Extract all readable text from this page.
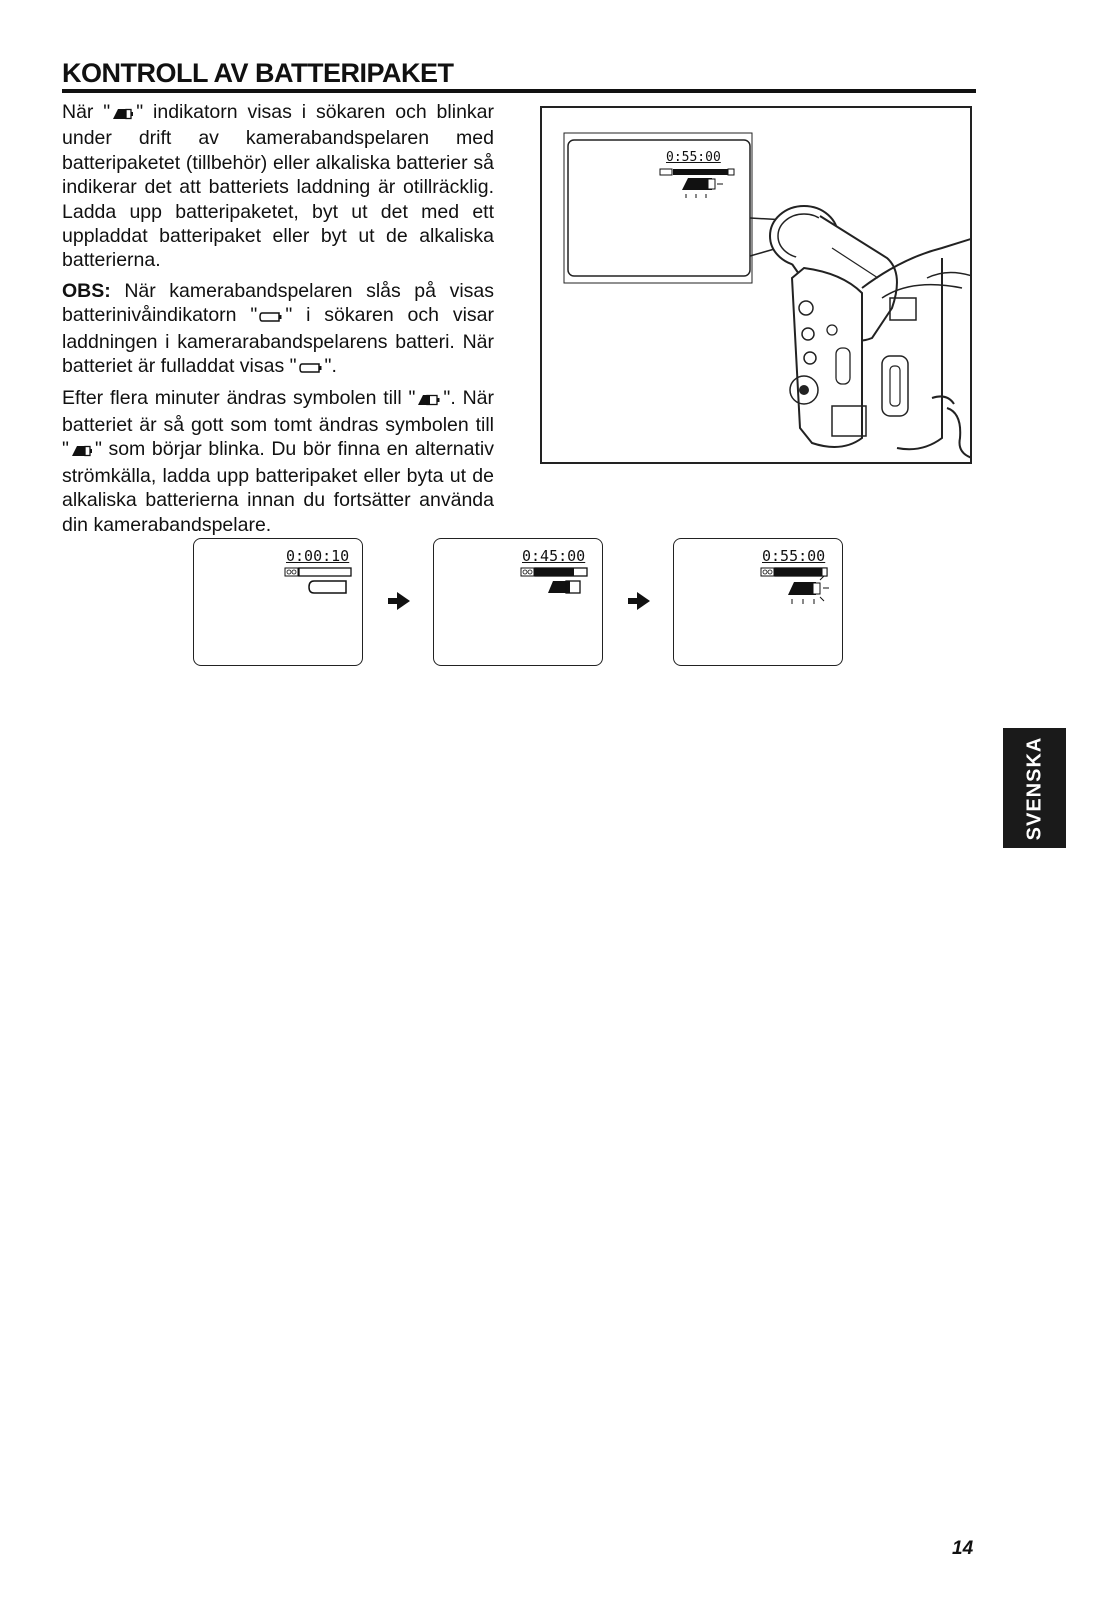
KONTROLL AV BATTERIPAKET

När " " indikatorn visas i sökaren och blinkar under drift av kamerabandspelaren med batteripaketet (tillbehör) eller alkaliska batterier så indikerar det att batteriets laddning är otillräcklig. Ladda upp batteripaketet, byt ut det med ett uppladdat batteripaket eller byt ut de alkaliska batterierna.

OBS: När kamerabandspelaren slås på visas batterinivåindikatorn " " i sökaren och visar laddningen i kamerarabandspelarens batteri. När batteriet är fulladdat visas " ".

Efter flera minuter ändras symbolen till " ". När batteriet är så gott som tomt ändras symbolen till " " som börjar blinka. Du bör finna en alternativ strömkälla, ladda upp batteripaket eller byta ut de alkaliska batterierna innan du fortsätter använda din kamerabandspelare.

0:55:00
0:00:10	0:45:00	0:55:00
SVENSKA
14
